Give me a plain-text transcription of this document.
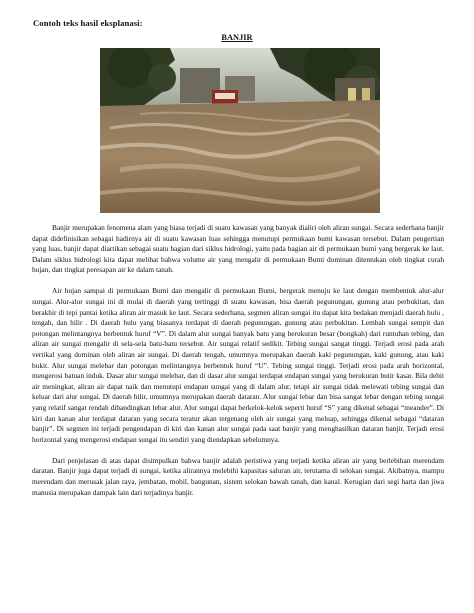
Contoh teks hasil eksplanasi:
BANJIR

Banjir merupakan fenomena alam yang biasa terjadi di suatu kawasan yang banyak dialiri oleh aliran sungai. Secara sederhana banjir dapat didefinisikan sebagai hadirnya air di suatu kawasan luas sehingga menutupi permukaan bumi kawasan tersebut. Dalam pengertian yang luas, banjir dapat diartikan sebagai suatu bagian dari siklus hidrologi, yaitu pada bagian air di permukaan bumi yang bergerak ke laut. Dalam siklus hidrologi kita dapat melihat bahwa volume air yang mengalir di permukaan Bumi dominan ditentukan oleh tingkat curah hujan, dan tingkat peresapan air ke dalam tanah.

Air hujan sampai di permukaan Bumi dan mengalir di permukaan Bumi, bergerak menuju ke laut dengan membentuk alur-alur sungai. Alur-alur sungai ini di mulai di daerah yang tertinggi di suatu kawasan, bisa daerah pegunungan, gunung atau perbukitan, dan berakhir di tepi pantai ketika aliran air masuk ke laut. Secara sederhana, segmen aliran sungai itu dapat kita bedakan menjadi daerah hulu , tengah, dan hilir . Di daerah hulu yang biasanya terdapat di daerah pegunungan, gunung atau perbukitan. Lembah sungai sempit dan potongan melintangnya berbentuk huruf “V”. Di dalam alur sungai banyak batu yang berukuran besar (bongkah) dari runtuhan tebing, dan aliran air sungai mengalir di sela-sela batu-batu tersebut. Air sungai relatif sedikit. Tebing sungai sangat tinggi. Terjadi erosi pada arah vertikal yang dominan oleh aliran air sungai. Di daerah tengah, umumnya merupakan daerah kaki pegunungan, kaki gunung, atau kaki bukit. Alur sungai melebar dan potongan melintangnya berbentuk huruf “U”. Tebing sungai tinggi. Terjadi erosi pada arah horizontal, mengerosi batuan induk. Dasar alur sungai melebar, dan di dasar alur sungai terdapat endapan sungai yang berukuran butir kasar. Bila debit air meningkat, aliran air dapat naik dan menutupi endapan sungai yang di dalam alur, tetapi air sungai tidak melewati tebing sungai dan keluar dari alur sungai. Di daerah hilir, umumnya merupakan daerah dataran. Alur sungai lebar dan bisa sangat lebar dengan tebing sungai yang relatif sangat rendah dibandingkan lebar alur. Alur sungai dapat berkelok-kelok seperti huruf “S” yang dikenal sebagai “meander”. Di kiri dan kanan alur terdapat dataran yang secara teratur akan tergenang oleh air sungai yang meluap, sehingga dikenal sebagai “dataran banjir”. Di segmen ini terjadi pengendapan di kiri dan kanan alur sungai pada saat banjir yang menghasilkan dataran banjir. Terjadi erosi horizontal yang mengerosi endapan sungai itu sendiri yang diendapkan sebelumnya.

Dari penjelasan di atas dapat disimpulkan bahwa banjir adalah peristiwa yang terjadi ketika aliran air yang berlebihan merendam daratan. Banjir juga dapat terjadi di sungai, ketika alirannya melebihi kapasitas saluran air, terutama di selokan sungai. Akibatnya, mampu merendam dan merusak jalan raya, jembatan, mobil, bangunan, sistem selokan bawah tanah, dan kanal. Kerugian dari segi harta dan jiwa manusia merupakan dampak lain dari terjadinya banjir.
